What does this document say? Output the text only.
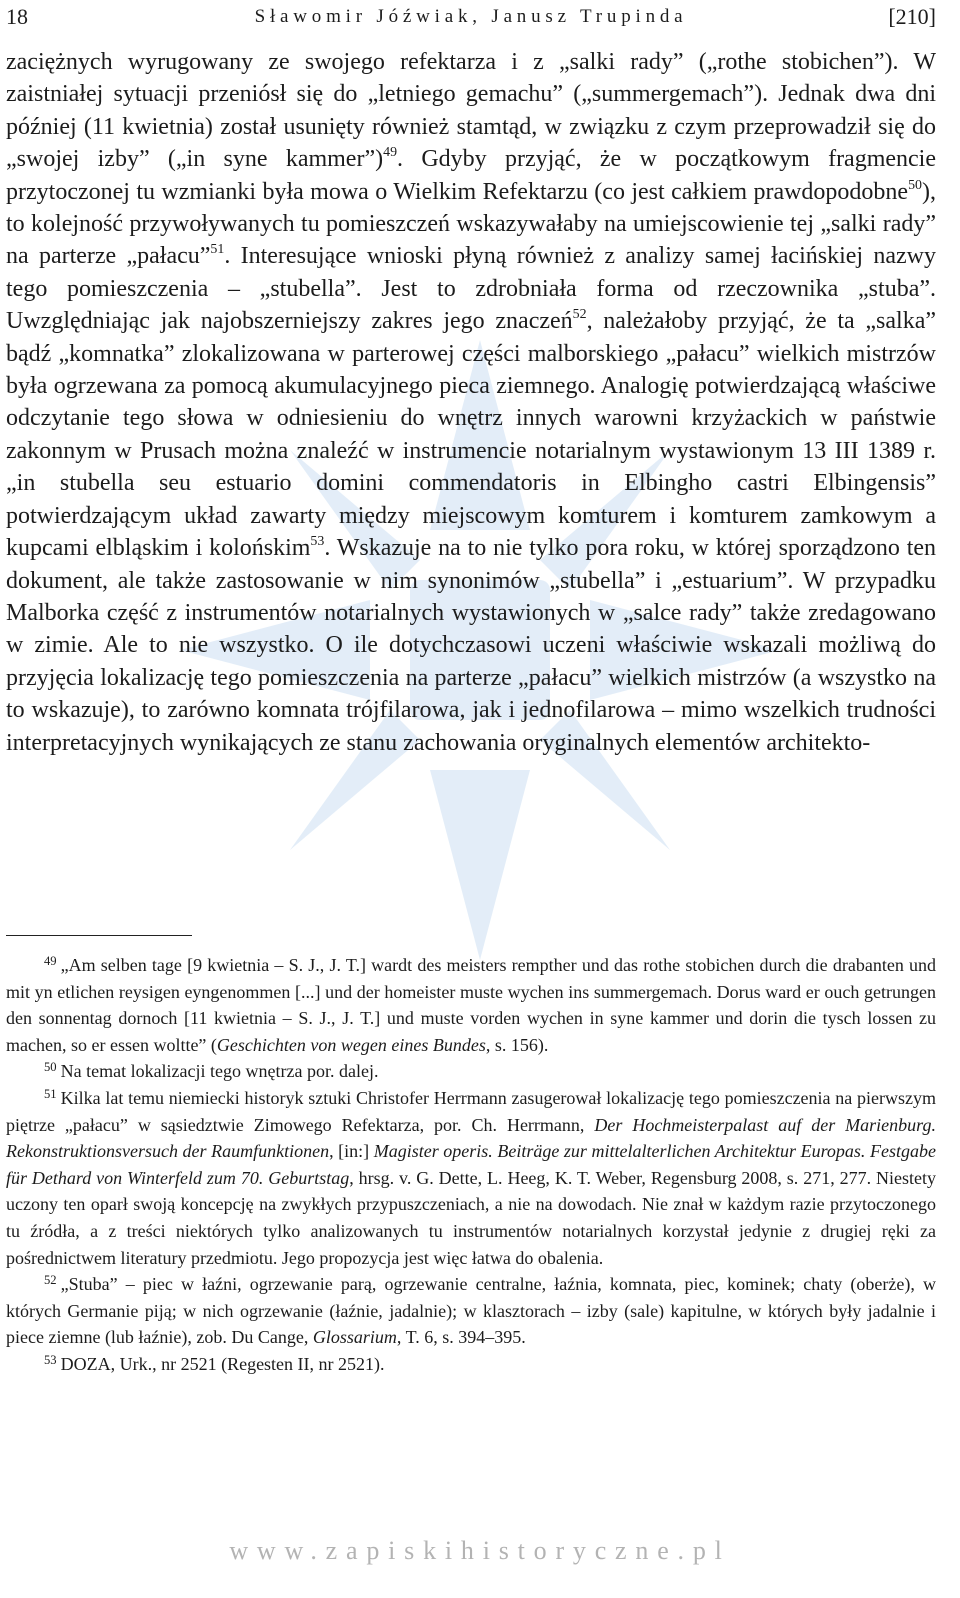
18	Sławomir Jóźwiak, Janusz Trupinda	[210]

zaciężnych wyrugowany ze swojego refektarza i z „salki rady” („rothe stobichen”). W zaistniałej sytuacji przeniósł się do „letniego gemachu” („summergemach”). Jednak dwa dni później (11 kwietnia) został usunięty również stamtąd, w związku z czym przeprowadził się do „swojej izby” („in syne kammer”)$^{49}$. Gdyby przyjąć, że w początkowym fragmencie przytoczonej tu wzmianki była mowa o Wielkim Refektarzu (co jest całkiem prawdopodobne$^{50}$), to kolejność przywoływanych tu pomieszczeń wskazywałaby na umiejscowienie tej „salki rady” na parterze „pałacu”$^{51}$. Interesujące wnioski płyną również z analizy samej łacińskiej nazwy tego pomieszczenia – „stubella”. Jest to zdrobniała forma od rzeczownika „stuba”. Uwzględniając jak najobszerniejszy zakres jego znaczeń$^{52}$, należałoby przyjąć, że ta „salka” bądź „komnatka” zlokalizowana w parterowej części malborskiego „pałacu” wielkich mistrzów była ogrzewana za pomocą akumulacyjnego pieca ziemnego. Analogię potwierdzającą właściwe odczytanie tego słowa w odniesieniu do wnętrz innych warowni krzyżackich w państwie zakonnym w Prusach można znaleźć w instrumencie notarialnym wystawionym 13 III 1389 r. „in stubella seu estuario domini commendatoris in Elbingho castri Elbingensis” potwierdzającym układ zawarty między miejscowym komturem i komturem zamkowym a kupcami elbląskim i kolońskim$^{53}$. Wskazuje na to nie tylko pora roku, w której sporządzono ten dokument, ale także zastosowanie w nim synonimów „stubella” i „estuarium”. W przypadku Malborka część z instrumentów notarialnych wystawionych w „salce rady” także zredagowano w zimie. Ale to nie wszystko. O ile dotychczasowi uczeni właściwie wskazali możliwą do przyjęcia lokalizację tego pomieszczenia na parterze „pałacu” wielkich mistrzów (a wszystko na to wskazuje), to zarówno komnata trójfilarowa, jak i jednofilarowa – mimo wszelkich trudności interpretacyjnych wynikających ze stanu zachowania oryginalnych elementów architekto-

$^{49}$ „Am selben tage [9 kwietnia – S. J., J. T.] wardt des meisters rempther und das rothe stobichen durch die drabanten und mit yn etlichen reysigen eyngenommen [...] und der homeister muste wychen ins summergemach. Dorus ward er ouch getrungen den sonnentag dornoch [11 kwietnia – S. J., J. T.] und muste vorden wychen in syne kammer und dorin die tysch lossen zu machen, so er essen woltte” (Geschichten von wegen eines Bundes, s. 156).

$^{50}$ Na temat lokalizacji tego wnętrza por. dalej.

$^{51}$ Kilka lat temu niemiecki historyk sztuki Christofer Herrmann zasugerował lokalizację tego pomieszczenia na pierwszym piętrze „pałacu” w sąsiedztwie Zimowego Refektarza, por. Ch. Herrmann, Der Hochmeisterpalast auf der Marienburg. Rekonstruktionsversuch der Raumfunktionen, [in:] Magister operis. Beiträge zur mittelalterlichen Architektur Europas. Festgabe für Dethard von Winterfeld zum 70. Geburtstag, hrsg. v. G. Dette, L. Heeg, K. T. Weber, Regensburg 2008, s. 271, 277. Niestety uczony ten oparł swoją koncepcję na zwykłych przypuszczeniach, a nie na dowodach. Nie znał w każdym razie przytoczonego tu źródła, a z treści niektórych tylko analizowanych tu instrumentów notarialnych korzystał jedynie z drugiej ręki za pośrednictwem literatury przedmiotu. Jego propozycja jest więc łatwa do obalenia.

$^{52}$ „Stuba” – piec w łaźni, ogrzewanie parą, ogrzewanie centralne, łaźnia, komnata, piec, kominek; chaty (oberże), w których Germanie piją; w nich ogrzewanie (łaźnie, jadalnie); w klasztorach – izby (sale) kapitulne, w których były jadalnie i piece ziemne (lub łaźnie), zob. Du Cange, Glossarium, T. 6, s. 394–395.

$^{53}$ DOZA, Urk., nr 2521 (Regesten II, nr 2521).

www.zapiskihistoryczne.pl
